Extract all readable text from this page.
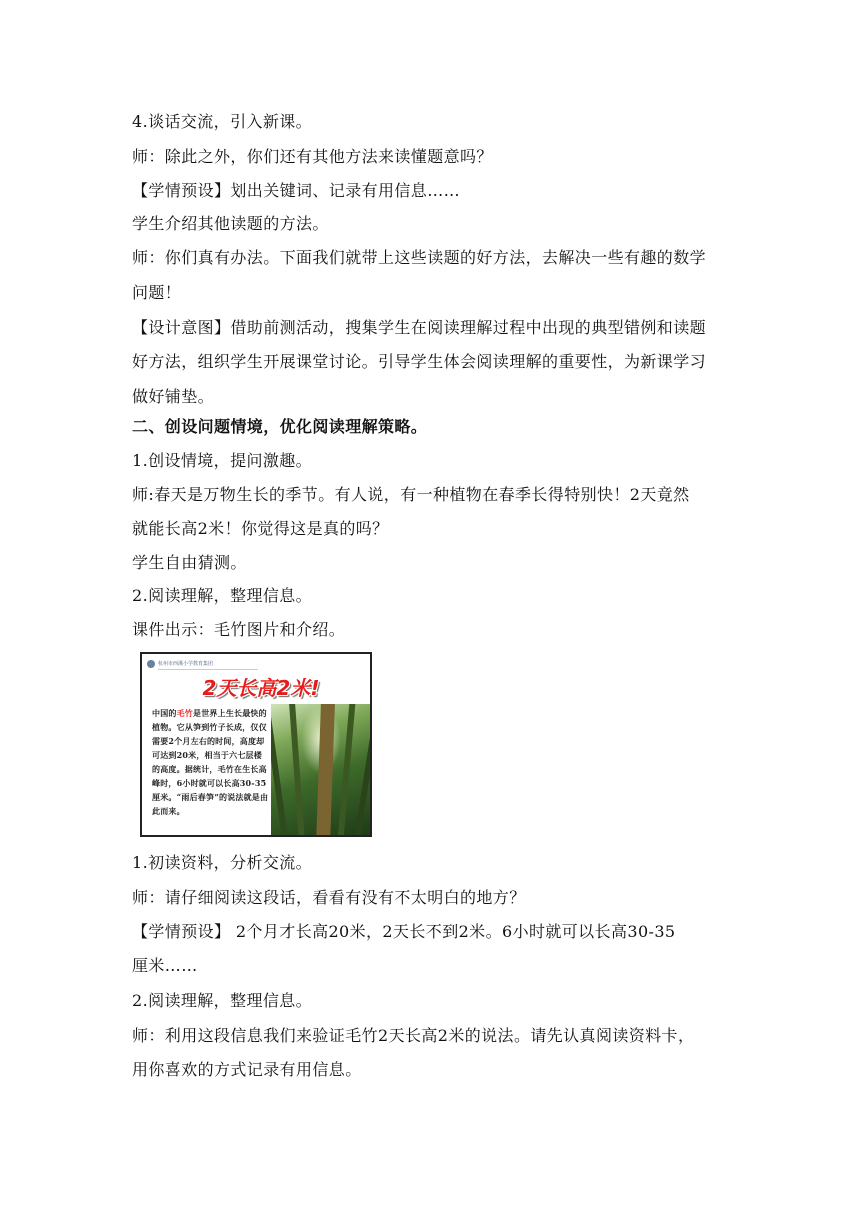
4.谈话交流，引入新课。
师：除此之外，你们还有其他方法来读懂题意吗？
【学情预设】划出关键词、记录有用信息……
学生介绍其他读题的方法。
师：你们真有办法。下面我们就带上这些读题的好方法，去解决一些有趣的数学
问题！
【设计意图】借助前测活动，搜集学生在阅读理解过程中出现的典型错例和读题
好方法，组织学生开展课堂讨论。引导学生体会阅读理解的重要性，为新课学习
做好铺垫。
二、创设问题情境，优化阅读理解策略。
1.创设情境，提问激趣。
师:春天是万物生长的季节。有人说，有一种植物在春季长得特别快！2天竟然
就能长高2米！你觉得这是真的吗？
学生自由猜测。
2.阅读理解，整理信息。
课件出示：毛竹图片和介绍。
杭州市西溪小学教育集团
2天长高2米!
中国的毛竹是世界上生长最快的植物。它从笋到竹子长成，仅仅需要2个月左右的时间，高度却可达到20米，相当于六七层楼的高度。据统计，毛竹在生长高峰时，6小时就可以长高30-35厘米。“雨后春笋”的说法就是由此而来。
1.初读资料，分析交流。
师：请仔细阅读这段话，看看有没有不太明白的地方？
【学情预设】 2个月才长高20米，2天长不到2米。6小时就可以长高30-35
厘米……
2.阅读理解，整理信息。
师：利用这段信息我们来验证毛竹2天长高2米的说法。请先认真阅读资料卡，
用你喜欢的方式记录有用信息。
